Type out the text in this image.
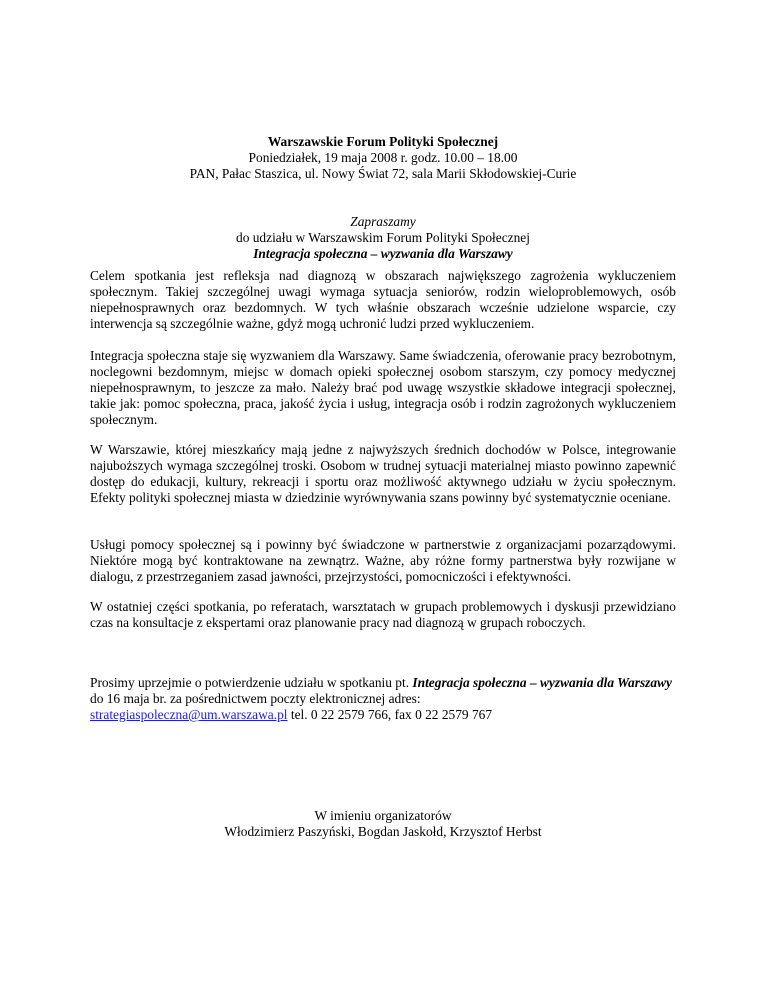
Warszawskie Forum Polityki Społecznej
Poniedziałek, 19 maja 2008 r. godz. 10.00 – 18.00
PAN, Pałac Staszica, ul. Nowy Świat 72, sala Marii Skłodowskiej-Curie
Zapraszamy
do udziału w Warszawskim Forum Polityki Społecznej
Integracja społeczna – wyzwania dla Warszawy

Celem spotkania jest refleksja nad diagnozą w obszarach największego zagrożenia wykluczeniem społecznym. Takiej szczególnej uwagi wymaga sytuacja seniorów, rodzin wieloproblemowych, osób niepełnosprawnych oraz bezdomnych. W tych właśnie obszarach wcześnie udzielone wsparcie, czy interwencja są szczególnie ważne, gdyż mogą uchronić ludzi przed wykluczeniem.

Integracja społeczna staje się wyzwaniem dla Warszawy. Same świadczenia, oferowanie pracy bezrobotnym, noclegowni bezdomnym, miejsc w domach opieki społecznej osobom starszym, czy pomocy medycznej niepełnosprawnym, to jeszcze za mało. Należy brać pod uwagę wszystkie składowe integracji społecznej, takie jak: pomoc społeczna, praca, jakość życia i usług, integracja osób i rodzin zagrożonych wykluczeniem społecznym.

W Warszawie, której mieszkańcy mają jedne z najwyższych średnich dochodów w Polsce, integrowanie najuboższych wymaga szczególnej troski. Osobom w trudnej sytuacji materialnej miasto powinno zapewnić dostęp do edukacji, kultury, rekreacji i sportu oraz możliwość aktywnego udziału w życiu społecznym. Efekty polityki społecznej miasta w dziedzinie wyrównywania szans powinny być systematycznie oceniane.

Usługi pomocy społecznej są i powinny być świadczone w partnerstwie z organizacjami pozarządowymi. Niektóre mogą być kontraktowane na zewnątrz. Ważne, aby różne formy partnerstwa były rozwijane w dialogu, z przestrzeganiem zasad jawności, przejrzystości, pomocniczości i efektywności.

W ostatniej części spotkania, po referatach, warsztatach w grupach problemowych i dyskusji przewidziano czas na konsultacje z ekspertami oraz planowanie pracy nad diagnozą w grupach roboczych.

Prosimy uprzejmie o potwierdzenie udziału w spotkaniu pt. Integracja społeczna – wyzwania dla Warszawy do 16 maja br. za pośrednictwem poczty elektronicznej adres:
strategiaspoleczna@um.warszawa.pl tel. 0 22 2579 766, fax 0 22 2579 767

W imieniu organizatorów
Włodzimierz Paszyński, Bogdan Jaskołd, Krzysztof Herbst
